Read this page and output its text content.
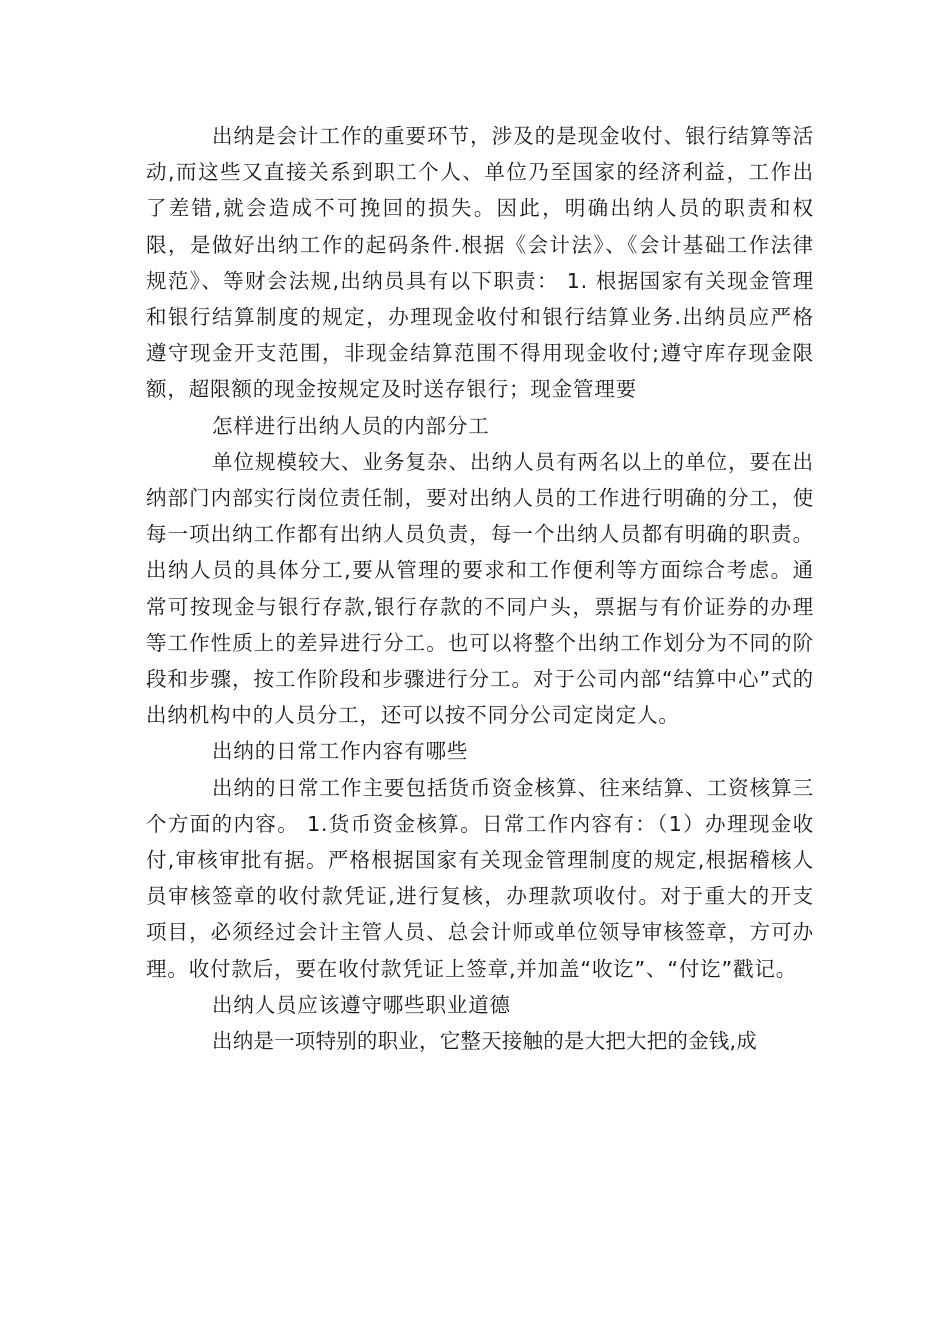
出纳是会计工作的重要环节，涉及的是现金收付、银行结算等活动,而这些又直接关系到职工个人、单位乃至国家的经济利益，工作出了差错,就会造成不可挽回的损失。因此，明确出纳人员的职责和权限，是做好出纳工作的起码条件.根据《会计法》、《会计基础工作法律规范》、等财会法规,出纳员具有以下职责： 1. 根据国家有关现金管理和银行结算制度的规定，办理现金收付和银行结算业务.出纳员应严格遵守现金开支范围，非现金结算范围不得用现金收付;遵守库存现金限额，超限额的现金按规定及时送存银行；现金管理要

怎样进行出纳人员的内部分工

单位规模较大、业务复杂、出纳人员有两名以上的单位，要在出纳部门内部实行岗位责任制，要对出纳人员的工作进行明确的分工，使每一项出纳工作都有出纳人员负责，每一个出纳人员都有明确的职责。出纳人员的具体分工,要从管理的要求和工作便利等方面综合考虑。通常可按现金与银行存款,银行存款的不同户头，票据与有价证券的办理等工作性质上的差异进行分工。也可以将整个出纳工作划分为不同的阶段和步骤，按工作阶段和步骤进行分工。对于公司内部“结算中心”式的出纳机构中的人员分工，还可以按不同分公司定岗定人。

出纳的日常工作内容有哪些

出纳的日常工作主要包括货币资金核算、往来结算、工资核算三个方面的内容。 1.货币资金核算。日常工作内容有：（1）办理现金收付,审核审批有据。严格根据国家有关现金管理制度的规定,根据稽核人员审核签章的收付款凭证,进行复核，办理款项收付。对于重大的开支项目，必须经过会计主管人员、总会计师或单位领导审核签章，方可办理。收付款后，要在收付款凭证上签章,并加盖“收讫”、“付讫”戳记。

出纳人员应该遵守哪些职业道德

出纳是一项特别的职业，它整天接触的是大把大把的金钱,成
